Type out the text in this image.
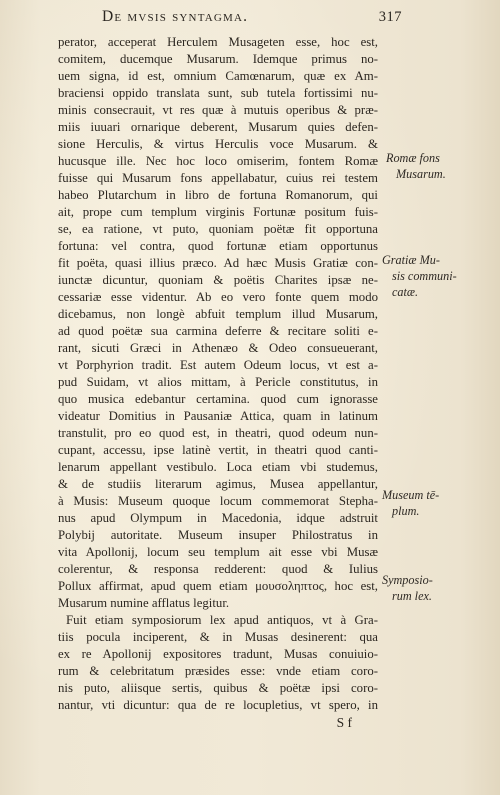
De mvsis syntagma.	317
perator, acceperat Herculem Musageten esse, hoc est,
comitem, ducemque Musarum. Idemque primus no-
uem signa, id est, omnium Camœnarum, quæ ex Am-
braciensi oppido translata sunt, sub tutela fortissimi nu-
minis consecrauit, vt res quæ à mutuis operibus & præ-
miis iuuari ornarique deberent, Musarum quies defen-
sione Herculis, & virtus Herculis voce Musarum. &
hucusque ille. Nec hoc loco omiserim, fontem Romæ
fuisse qui Musarum fons appellabatur, cuius rei testem
habeo Plutarchum in libro de fortuna Romanorum, qui
ait, prope cum templum virginis Fortunæ positum fuis-
se, ea ratione, vt puto, quoniam poëtæ fit opportuna
fortuna: vel contra, quod fortunæ etiam opportunus
fit poëta, quasi illius præco. Ad hæc Musis Gratiæ con-
iunctæ dicuntur, quoniam & poëtis Charites ipsæ ne-
cessariæ esse videntur. Ab eo vero fonte quem modo
dicebamus, non longè abfuit templum illud Musarum,
ad quod poëtæ sua carmina deferre & recitare soliti e-
rant, sicuti Græci in Athenæo & Odeo consueuerant,
vt Porphyrion tradit. Est autem Odeum locus, vt est a-
pud Suidam, vt alios mittam, à Pericle constitutus, in
quo musica edebantur certamina. quod cum ignorasse
videatur Domitius in Pausaniæ Attica, quam in latinum
transtulit, pro eo quod est, in theatri, quod odeum nun-
cupant, accessu, ipse latinè vertit, in theatri quod canti-
lenarum appellant vestibulo. Loca etiam vbi studemus,
& de studiis literarum agimus, Musea appellantur,
à Musis: Museum quoque locum commemorat Stepha-
nus apud Olympum in Macedonia, idque adstruit
Polybij autoritate. Museum insuper Philostratus in
vita Apollonij, locum seu templum ait esse vbi Musæ
colerentur, & responsa redderent: quod & Iulius
Pollux affirmat, apud quem etiam μουσοληπτος, hoc est,
Musarum numine afflatus legitur.
Fuit etiam symposiorum lex apud antiquos, vt à Gra-
tiis pocula inciperent, & in Musas desinerent: qua
ex re Apollonij expositores tradunt, Musas conuiuio-
rum & celebritatum præsides esse: vnde etiam coro-
nis puto, aliisque sertis, quibus & poëtæ ipsi coro-
nantur, vti dicuntur: qua de re locupletius, vt spero, in
S f
Romæ fons
Musarum.
Gratiæ Mu-
sis communi-
catæ.
Museum tē-
plum.
Symposio-
rum lex.
